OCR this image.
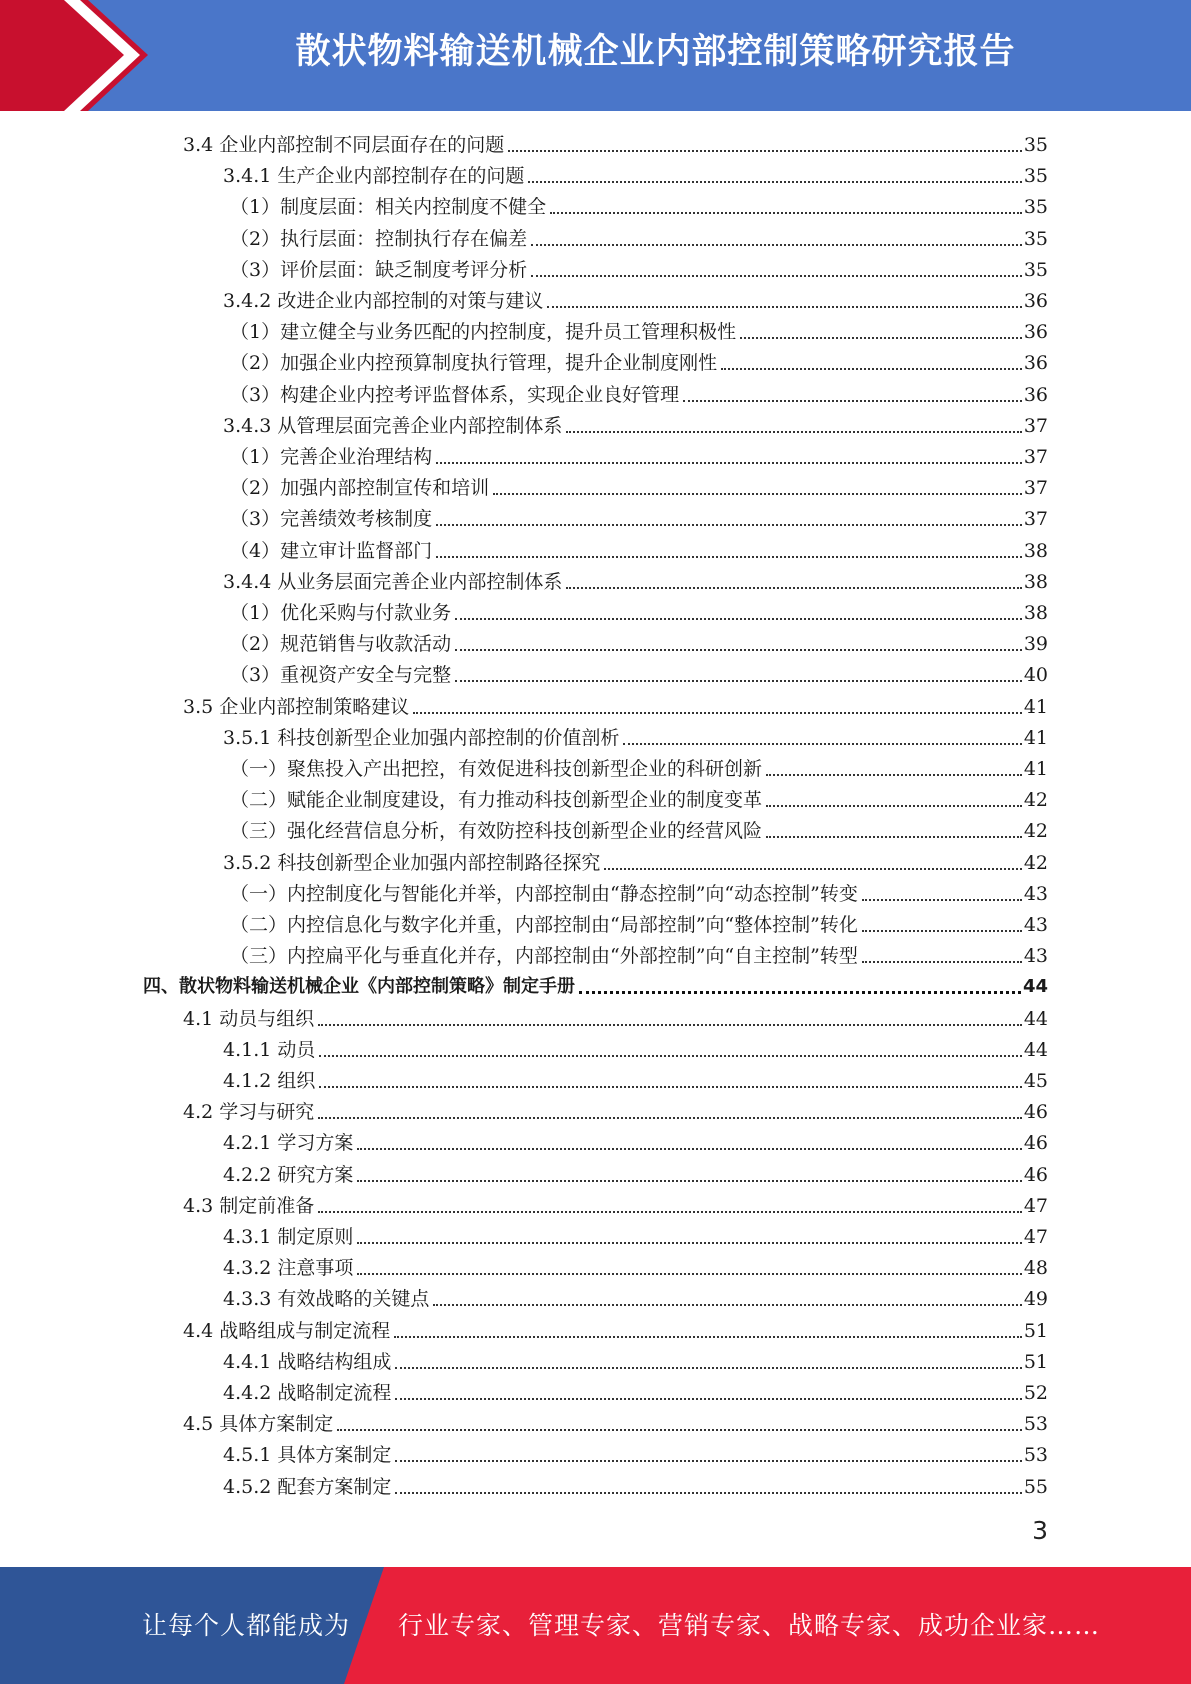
散状物料输送机械企业内部控制策略研究报告
3.4 企业内部控制不同层面存在的问题	35
3.4.1 生产企业内部控制存在的问题	35
（1）制度层面：相关内控制度不健全	35
（2）执行层面：控制执行存在偏差	35
（3）评价层面：缺乏制度考评分析	35
3.4.2 改进企业内部控制的对策与建议	36
（1）建立健全与业务匹配的内控制度，提升员工管理积极性	36
（2）加强企业内控预算制度执行管理，提升企业制度刚性	36
（3）构建企业内控考评监督体系，实现企业良好管理	36
3.4.3 从管理层面完善企业内部控制体系	37
（1）完善企业治理结构	37
（2）加强内部控制宣传和培训	37
（3）完善绩效考核制度	37
（4）建立审计监督部门	38
3.4.4 从业务层面完善企业内部控制体系	38
（1）优化采购与付款业务	38
（2）规范销售与收款活动	39
（3）重视资产安全与完整	40
3.5 企业内部控制策略建议	41
3.5.1 科技创新型企业加强内部控制的价值剖析	41
（一）聚焦投入产出把控，有效促进科技创新型企业的科研创新	41
（二）赋能企业制度建设，有力推动科技创新型企业的制度变革	42
（三）强化经营信息分析，有效防控科技创新型企业的经营风险	42
3.5.2 科技创新型企业加强内部控制路径探究	42
（一）内控制度化与智能化并举，内部控制由“静态控制”向“动态控制”转变	43
（二）内控信息化与数字化并重，内部控制由“局部控制”向“整体控制”转化	43
（三）内控扁平化与垂直化并存，内部控制由“外部控制”向“自主控制”转型	43
四、散状物料输送机械企业《内部控制策略》制定手册	44
4.1 动员与组织	44
4.1.1 动员	44
4.1.2 组织	45
4.2 学习与研究	46
4.2.1 学习方案	46
4.2.2 研究方案	46
4.3 制定前准备	47
4.3.1 制定原则	47
4.3.2 注意事项	48
4.3.3 有效战略的关键点	49
4.4 战略组成与制定流程	51
4.4.1 战略结构组成	51
4.4.2 战略制定流程	52
4.5 具体方案制定	53
4.5.1 具体方案制定	53
4.5.2 配套方案制定	55
3
让每个人都能成为 行业专家、管理专家、营销专家、战略专家、成功企业家……
